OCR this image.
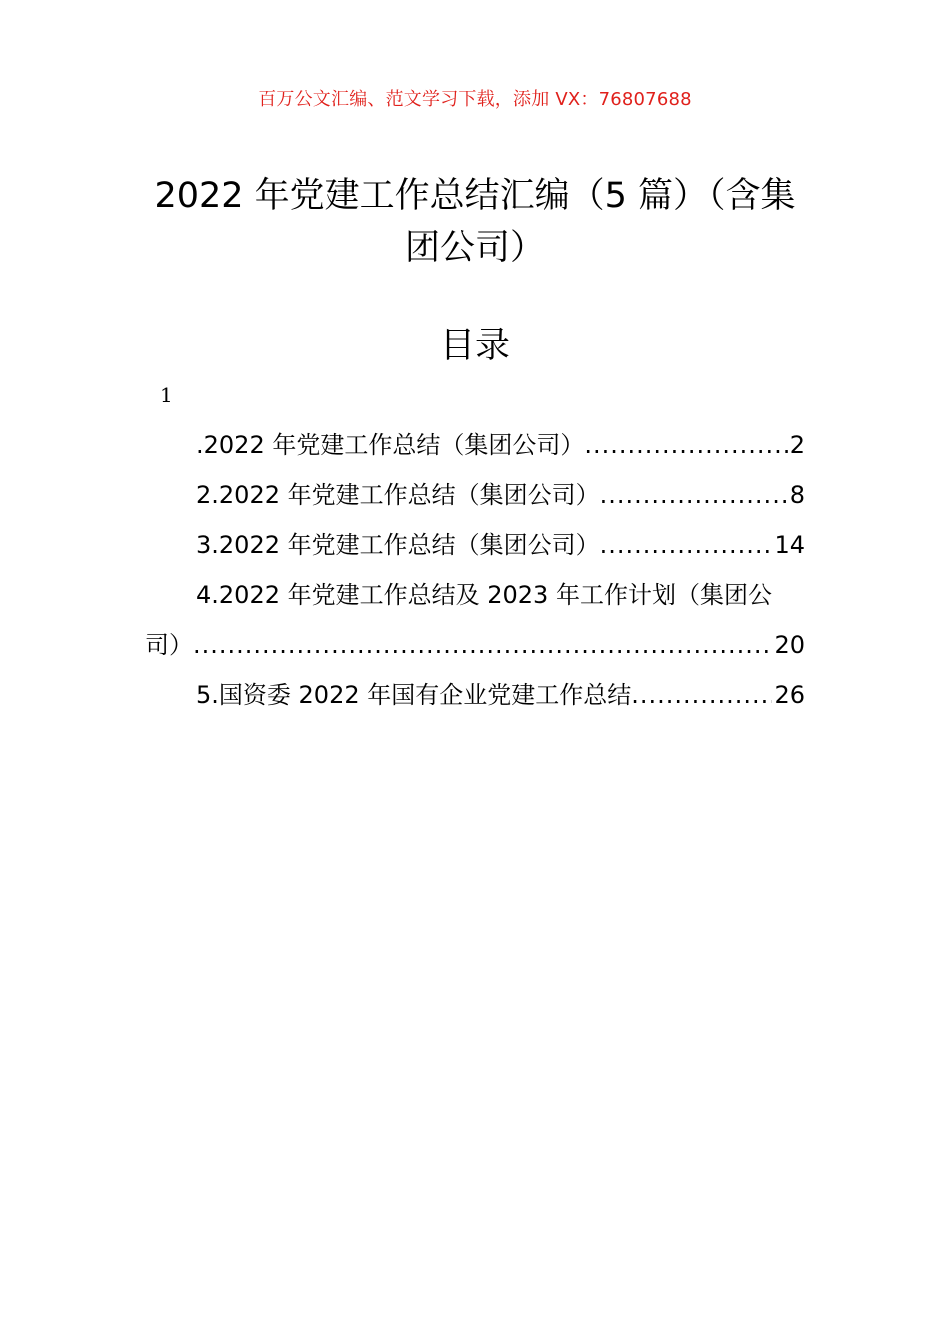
百万公文汇编、范文学习下载，添加 VX：76807688
2022 年党建工作总结汇编（5 篇）（含集
团公司）
目录
1
.2022 年党建工作总结（集团公司） .....	2
2.2022 年党建工作总结（集团公司） .....	8
3.2022 年党建工作总结（集团公司） .....	14
4.2022 年党建工作总结及 2023 年工作计划（集团公
司） .....	20
5.国资委 2022 年国有企业党建工作总结 .....	26
